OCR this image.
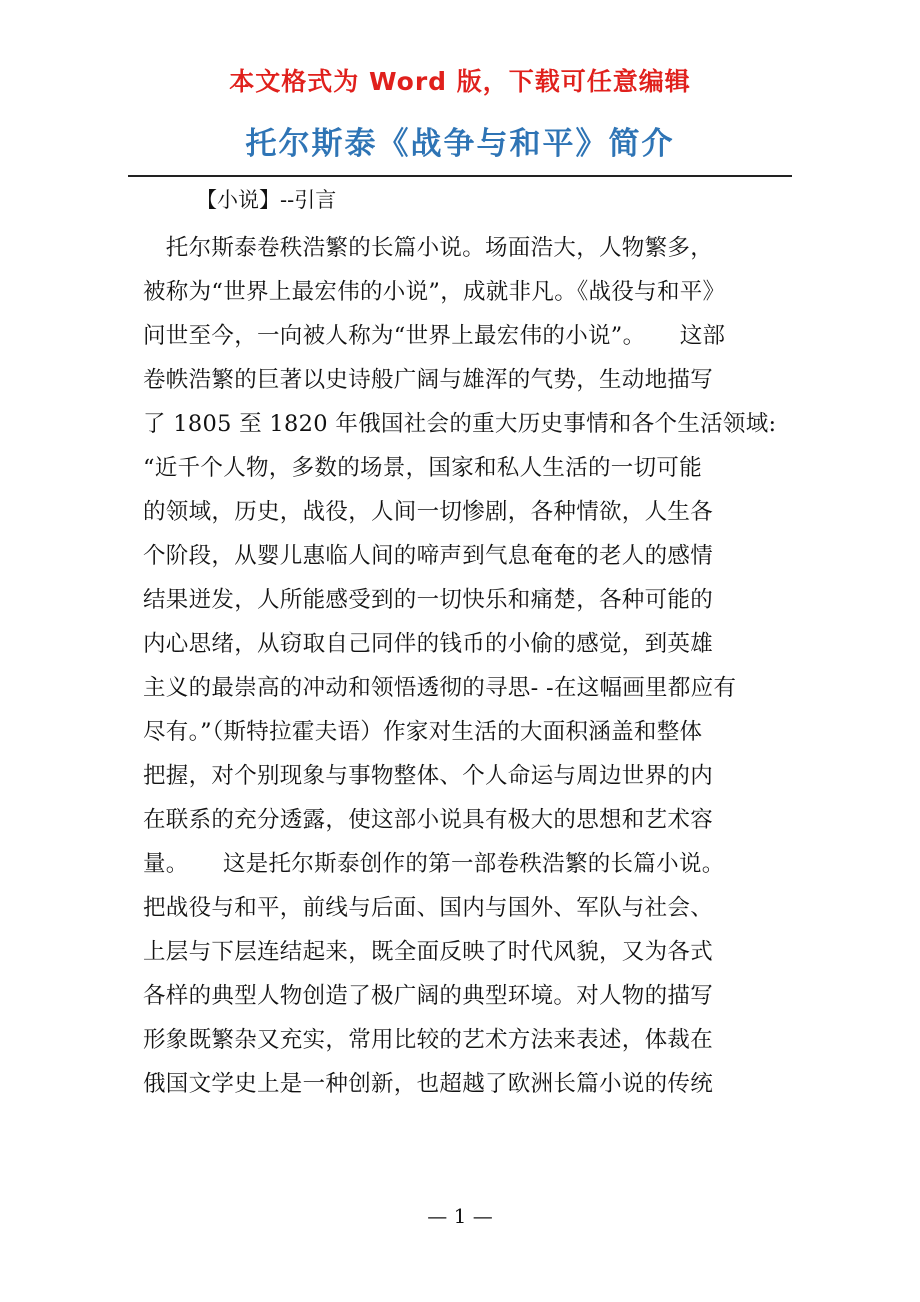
本文格式为 Word 版，下载可任意编辑
托尔斯泰《战争与和平》简介
【小说】--引言
　托尔斯泰卷秩浩繁的长篇小说。场面浩大，人物繁多，
被称为“世界上最宏伟的小说”，成就非凡。《战役与和平》
问世至今，一向被人称为“世界上最宏伟的小说”。　　这部
卷帙浩繁的巨著以史诗般广阔与雄浑的气势，生动地描写
了 1805 至 1820 年俄国社会的重大历史事情和各个生活领域:
“近千个人物，多数的场景，国家和私人生活的一切可能
的领域，历史，战役，人间一切惨剧，各种情欲，人生各
个阶段，从婴儿惠临人间的啼声到气息奄奄的老人的感情
结果迸发，人所能感受到的一切快乐和痛楚，各种可能的
内心思绪，从窃取自己同伴的钱币的小偷的感觉，到英雄
主义的最崇高的冲动和领悟透彻的寻思- -在这幅画里都应有
尽有。”（斯特拉霍夫语）作家对生活的大面积涵盖和整体
把握，对个别现象与事物整体、个人命运与周边世界的内
在联系的充分透露，使这部小说具有极大的思想和艺术容
量。　　这是托尔斯泰创作的第一部卷秩浩繁的长篇小说。
把战役与和平，前线与后面、国内与国外、军队与社会、
上层与下层连结起来，既全面反映了时代风貌，又为各式
各样的典型人物创造了极广阔的典型环境。对人物的描写
形象既繁杂又充实，常用比较的艺术方法来表述，体裁在
俄国文学史上是一种创新，也超越了欧洲长篇小说的传统
— 1 —
